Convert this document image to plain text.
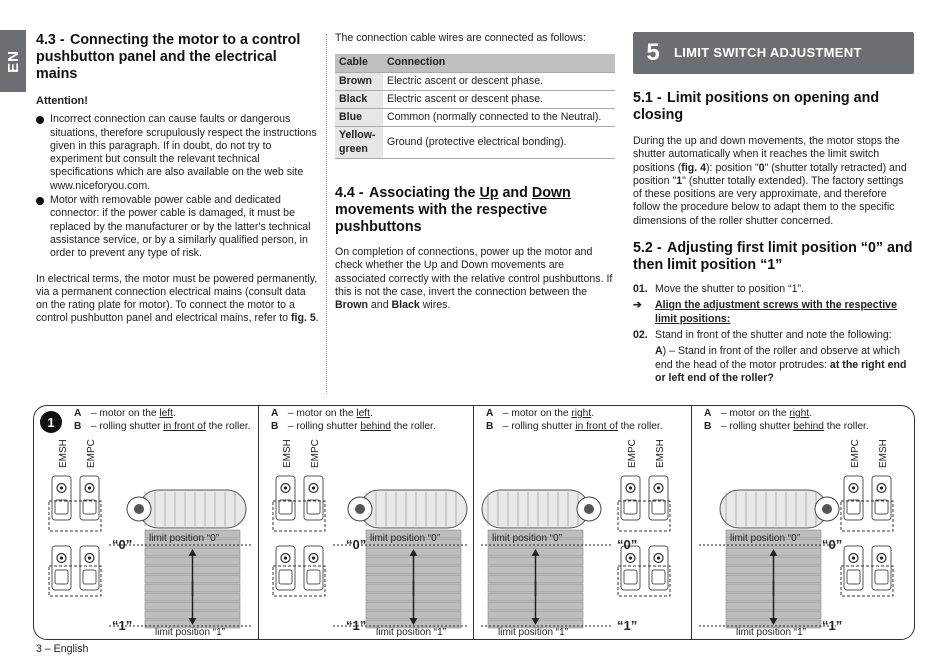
EN
4.3 - Connecting the motor to a control pushbutton panel and the electrical mains
Attention!
Incorrect connection can cause faults or dangerous situations, therefore scrupulously respect the instructions given in this paragraph. If in doubt, do not try to experiment but consult the relevant technical specifications which are also available on the web site www.niceforyou.com.
Motor with removable power cable and dedicated connector: if the power cable is damaged, it must be replaced by the manufacturer or by the latter's technical assistance service, or by a similarly qualified person, in order to prevent any type of risk.

In electrical terms, the motor must be powered permanently, via a permanent connection electrical mains (consult data on the rating plate for motor). To connect the motor to a control pushbutton panel and electrical mains, refer to fig. 5.

The connection cable wires are connected as follows:

Cable	Connection
Brown	Electric ascent or descent phase.
Black	Electric ascent or descent phase.
Blue	Common (normally connected to the Neutral).
Yellow-green	Ground (protective electrical bonding).
4.4 - Associating the Up and Down movements with the respective pushbuttons

On completion of connections, power up the motor and check whether the Up and Down movements are associated correctly with the relative control pushbuttons. If this is not the case, invert the connection between the Brown and Black wires.

5	LIMIT SWITCH ADJUSTMENT
5.1 - Limit positions on opening and closing

During the up and down movements, the motor stops the shutter automatically when it reaches the limit switch positions (fig. 4): position "0" (shutter totally retracted) and position "1" (shutter totally extended). The factory settings of these positions are very approximate, and therefore follow the procedure below to adapt them to the specific dimensions of the roller shutter concerned.

5.2 - Adjusting first limit position “0” and then limit position “1”
01. Move the shutter to position “1”.
➔	Align the adjustment screws with the respective limit positions:
02. Stand in front of the shutter and note the following:
A) – Stand in front of the roller and observe at which end the head of the motor protrudes: at the right end or left end of the roller?
1
EMSH EMPC
limit position “0”
limit position “1”
“0”
“1”
EMSH EMPC
limit position “0”
limit position “1”
“0”
“1”
EMPC EMSH
limit position “0”
limit position “1”
“0”
“1”
EMPC EMSH
limit position “0”
limit position “1”
“0”
“1”
A – motor on the left.
B – rolling shutter in front of the roller.
A – motor on the left.
B – rolling shutter behind the roller.
A – motor on the right.
B – rolling shutter in front of the roller.
A – motor on the right.
B – rolling shutter behind the roller.
3 – English
